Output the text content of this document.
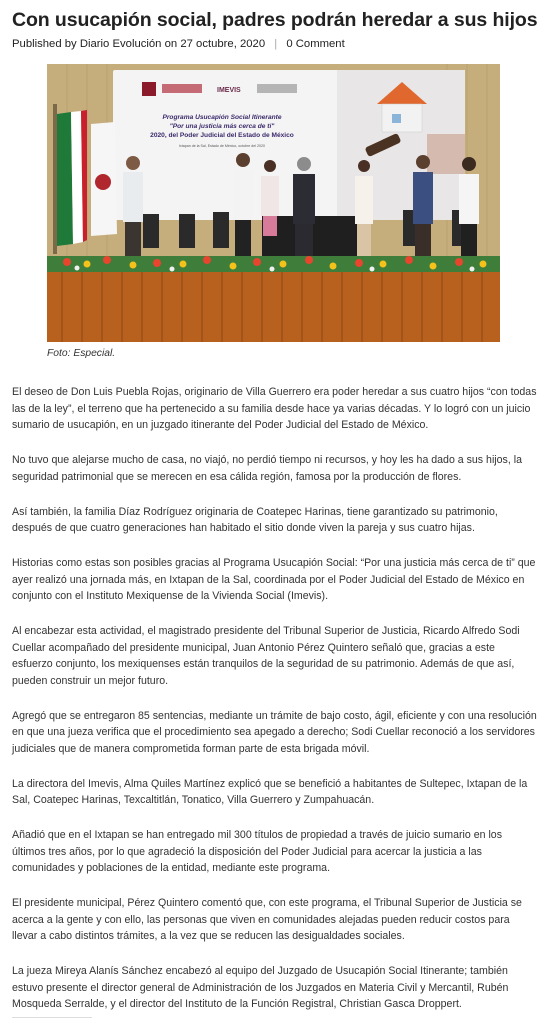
Con usucapión social, padres podrán heredar a sus hijos
Published by Diario Evolución on 27 octubre, 2020 | 0 Comment
IMEVIS
Programa Usucapión Social Itinerante
"Por una justicia más cerca de ti"
2020, del Poder Judicial del Estado de México
Ixtapan de la Sal, Estado de México, octubre del 2020
Foto: Especial.

El deseo de Don Luis Puebla Rojas, originario de Villa Guerrero era poder heredar a sus cuatro hijos “con todas las de la ley”, el terreno que ha pertenecido a su familia desde hace ya varias décadas. Y lo logró con un juicio sumario de usucapión, en un juzgado itinerante del Poder Judicial del Estado de México.

No tuvo que alejarse mucho de casa, no viajó, no perdió tiempo ni recursos, y hoy les ha dado a sus hijos, la seguridad patrimonial que se merecen en esa cálida región, famosa por la producción de flores.

Así también, la familia Díaz Rodríguez originaria de Coatepec Harinas, tiene garantizado su patrimonio, después de que cuatro generaciones han habitado el sitio donde viven la pareja y sus cuatro hijas.

Historias como estas son posibles gracias al Programa Usucapión Social: “Por una justicia más cerca de ti” que ayer realizó una jornada más, en Ixtapan de la Sal, coordinada por el Poder Judicial del Estado de México en conjunto con el Instituto Mexiquense de la Vivienda Social (Imevis).

Al encabezar esta actividad, el magistrado presidente del Tribunal Superior de Justicia, Ricardo Alfredo Sodi Cuellar acompañado del presidente municipal, Juan Antonio Pérez Quintero señaló que, gracias a este esfuerzo conjunto, los mexiquenses están tranquilos de la seguridad de su patrimonio. Además de que así, pueden construir un mejor futuro.

Agregó que se entregaron 85 sentencias, mediante un trámite de bajo costo, ágil, eficiente y con una resolución en que una jueza verifica que el procedimiento sea apegado a derecho; Sodi Cuellar reconoció a los servidores judiciales que de manera comprometida forman parte de esta brigada móvil.

La directora del Imevis, Alma Quiles Martínez explicó que se benefició a habitantes de Sultepec, Ixtapan de la Sal, Coatepec Harinas, Texcaltitlán, Tonatico, Villa Guerrero y Zumpahuacán.

Añadió que en el Ixtapan se han entregado mil 300 títulos de propiedad a través de juicio sumario en los últimos tres años, por lo que agradeció la disposición del Poder Judicial para acercar la justicia a las comunidades y poblaciones de la entidad, mediante este programa.

El presidente municipal, Pérez Quintero comentó que, con este programa, el Tribunal Superior de Justicia se acerca a la gente y con ello, las personas que viven en comunidades alejadas pueden reducir costos para llevar a cabo distintos trámites, a la vez que se reducen las desigualdades sociales.

La jueza Mireya Alanís Sánchez encabezó al equipo del Juzgado de Usucapión Social Itinerante; también estuvo presente el director general de Administración de los Juzgados en Materia Civil y Mercantil, Rubén Mosqueda Serralde, y el director del Instituto de la Función Registral, Christian Gasca Droppert.
